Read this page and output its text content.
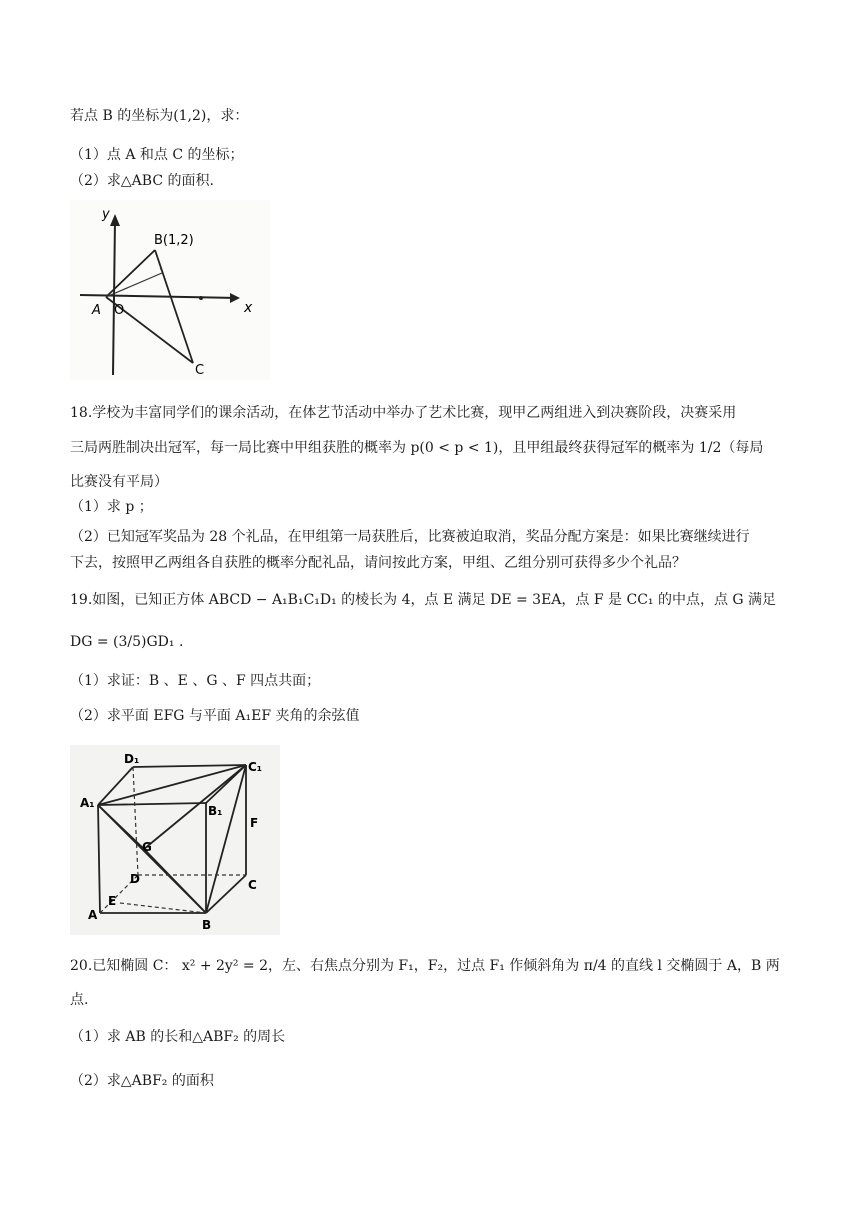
若点 B 的坐标为(1,2)，求：
（1）点 A 和点 C 的坐标；
（2）求△ABC 的面积.
y
B(1,2)
x
A O
C
18.学校为丰富同学们的课余活动，在体艺节活动中举办了艺术比赛，现甲乙两组进入到决赛阶段，决赛采用
三局两胜制决出冠军，每一局比赛中甲组获胜的概率为 p(0 < p < 1)，且甲组最终获得冠军的概率为 1/2（每局
比赛没有平局）
（1）求 p ；
（2）已知冠军奖品为 28 个礼品，在甲组第一局获胜后，比赛被迫取消，奖品分配方案是：如果比赛继续进行
下去，按照甲乙两组各自获胜的概率分配礼品，请问按此方案，甲组、乙组分别可获得多少个礼品？
19.如图，已知正方体 ABCD − A₁B₁C₁D₁ 的棱长为 4，点 E 满足 DE = 3EA，点 F 是 CC₁ 的中点，点 G 满足
DG = (3/5)GD₁ .
（1）求证：B 、E 、G 、F 四点共面；
（2）求平面 EFG 与平面 A₁EF 夹角的余弦值
D₁
C₁
A₁
B₁
F
G
D	C
E
A
B
20.已知椭圆 C： x² + 2y² = 2，左、右焦点分别为 F₁，F₂，过点 F₁ 作倾斜角为 π/4 的直线 l 交椭圆于 A，B 两
点.
（1）求 AB 的长和△ABF₂ 的周长
（2）求△ABF₂ 的面积
